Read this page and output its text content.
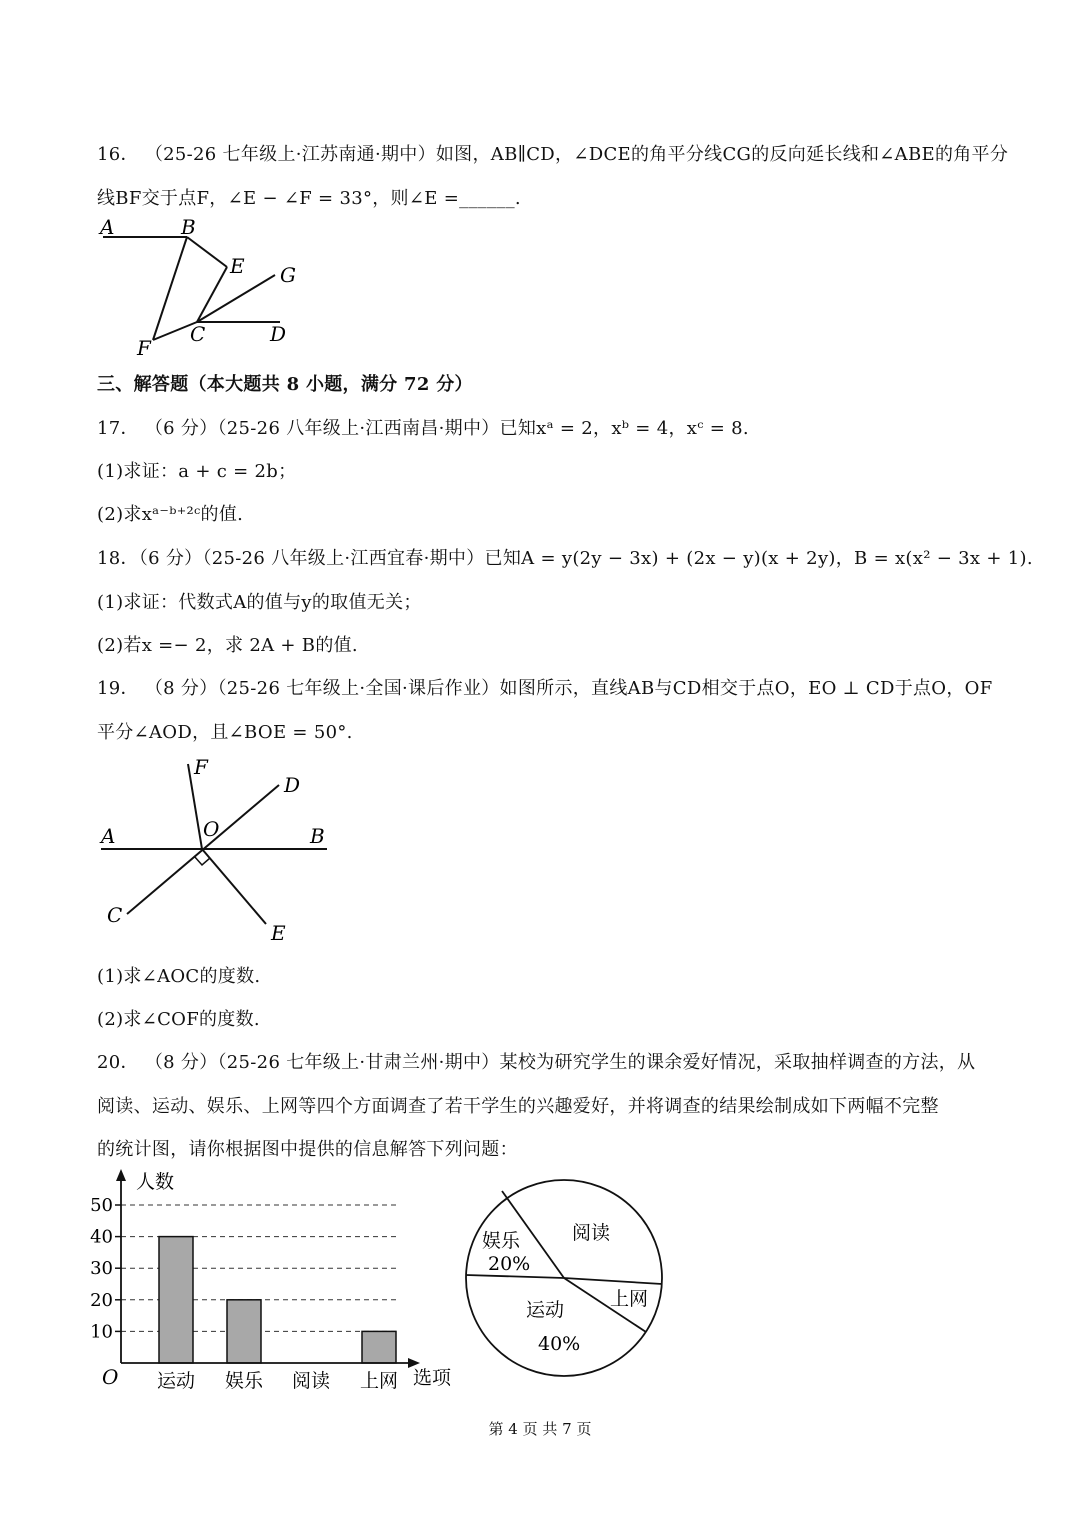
16． （25-26 七年级上·江苏南通·期中）如图，AB∥CD，∠DCE的角平分线CG的反向延长线和∠ABE的角平分
线BF交于点F，∠E − ∠F = 33°，则∠E =______.
A	B
E G
C	D
F
三、解答题（本大题共 8 小题，满分 72 分）
17． （6 分）（25-26 八年级上·江西南昌·期中）已知xᵃ = 2，xᵇ = 4，xᶜ = 8.
(1)求证：a + c = 2b；
(2)求xᵃ⁻ᵇ⁺²ᶜ的值.
18．（6 分）（25-26 八年级上·江西宜春·期中）已知A = y(2y − 3x) + (2x − y)(x + 2y)，B = x(x² − 3x + 1).
(1)求证：代数式A的值与y的取值无关；
(2)若x =− 2，求 2A + B的值.
19． （8 分）（25-26 七年级上·全国·课后作业）如图所示，直线AB与CD相交于点O，EO ⊥ CD于点O，OF
平分∠AOD，且∠BOE = 50°.
F
D
A	O	B
C
E
(1)求∠AOC的度数.
(2)求∠COF的度数.
20． （8 分）（25-26 七年级上·甘肃兰州·期中）某校为研究学生的课余爱好情况，采取抽样调查的方法，从
阅读、运动、娱乐、上网等四个方面调查了若干学生的兴趣爱好，并将调查的结果绘制成如下两幅不完整
的统计图，请你根据图中提供的信息解答下列问题：
10
20
30
40
50
运动 娱乐 阅读 上网
人数
选项
O
娱乐
20%
阅读
上网
运动
40%
第 4 页 共 7 页
